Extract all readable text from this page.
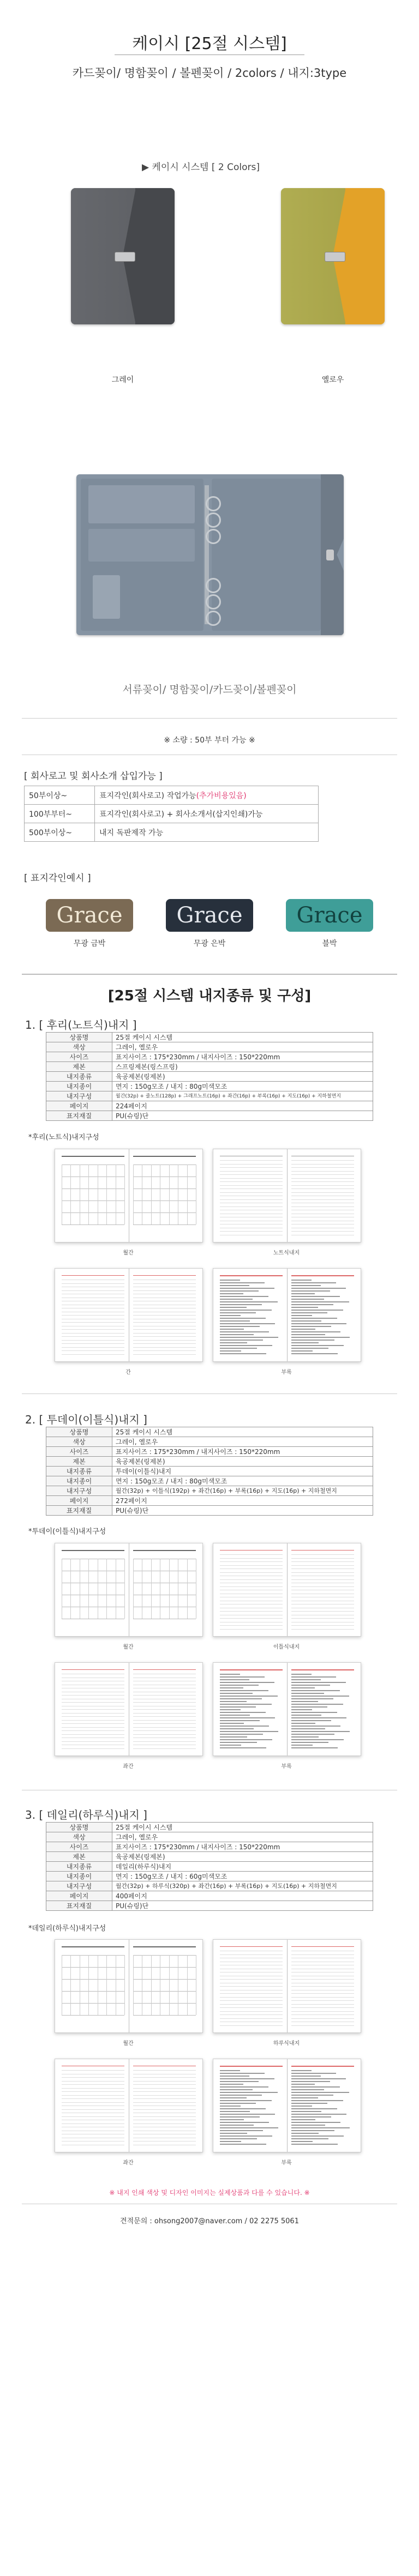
케이시 [25절 시스템]
카드꽂이/ 명함꽂이 / 볼펜꽂이 / 2colors / 내지:3type
▶ 케이시 시스템 [ 2 Colors]
그레이	옐로우
서류꽂이/ 명함꽂이/카드꽂이/볼펜꽂이
※ 소량 : 50부 부터 가능 ※
[ 회사로고 및 회사소개 삽입가능 ]
50부이상~	표지각인(회사로고) 작업가능(추가비용있음)
100부부터~	표지각인(회사로고) + 회사소개서(삽지인쇄)가능
500부이상~	내지 독판제작 가능
[ 표지각인예시 ]
Grace
무광 금박
Grace
무광 은박
Grace
블박
[25절 시스템 내지종류 및 구성]
1. [ 후리(노트식)내지 ]
상품명	25절 케이시 시스템
색상	그레이, 옐로우
사이즈	표지사이즈 : 175*230mm / 내지사이즈 : 150*220mm
제본	스프링제본(링스프링)
내지종류	육공제본(링제본)
내지종이	면지 : 150g모조 / 내지 : 80g미색모조
내지구성	월간(32p) + 줄노트(128p) + 그래프노트(16p) + 좌간(16p) + 부록(16p) + 지도(16p) + 지하철면지
페이지	224페이지
표지재질	PU(슈링)단
*후리(노트식)내지구성
월간	노트식내지
간	부록
2. [ 투데이(이틀식)내지 ]
상품명	25절 케이시 시스템
색상	그레이, 옐로우
사이즈	표지사이즈 : 175*230mm / 내지사이즈 : 150*220mm
제본	육공제본(링제본)
내지종류	투데이(이틀식)내지
내지종이	면지 : 150g모조 / 내지 : 80g미색모조
내지구성	월간(32p) + 이틀식(192p) + 좌간(16p) + 부록(16p) + 지도(16p) + 지하철면지
페이지	272페이지
표지재질	PU(슈링)단
*투데이(이틀식)내지구성
월간	이틀식내지
좌간	부록
3. [ 데일리(하루식)내지 ]
상품명	25절 케이시 시스템
색상	그레이, 옐로우
사이즈	표지사이즈 : 175*230mm / 내지사이즈 : 150*220mm
제본	육공제본(링제본)
내지종류	데일리(하루식)내지
내지종이	면지 : 150g모조 / 내지 : 60g미색모조
내지구성	월간(32p) + 하루식(320p) + 좌간(16p) + 부록(16p) + 지도(16p) + 지하철면지
페이지	400페이지
표지재질	PU(슈링)단
*데일리(하루식)내지구성
월간	하루식내지
좌간	부록
※ 내지 인쇄 색상 및 디자인 이미지는 실제상품과 다를 수 있습니다. ※
견적문의 : ohsong2007@naver.com / 02 2275 5061
